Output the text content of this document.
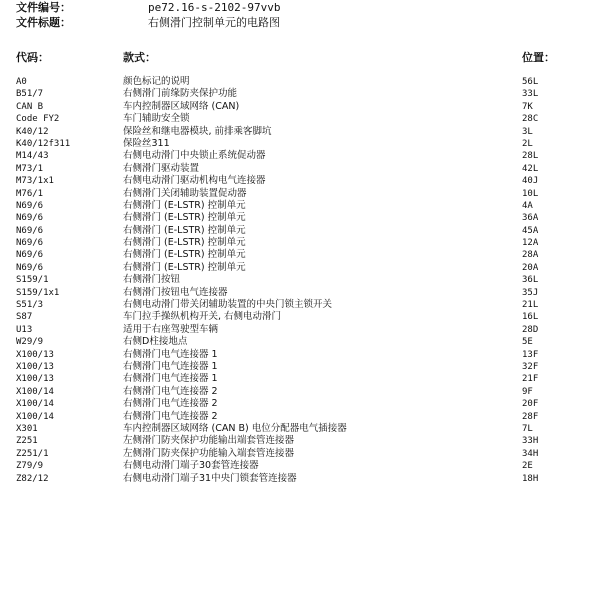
文件编号：	pe72.16-s-2102-97vvb
文件标题：	右侧滑门控制单元的电路图
代码：	款式：	位置：
A0	颜色标记的说明	56L
B51/7	右侧滑门前缘防夹保护功能	33L
CAN B	车内控制器区域网络 (CAN)	7K
Code FY2	车门辅助安全锁	28C
K40/12	保险丝和继电器模块, 前排乘客脚坑	3L
K40/12f311	保险丝311	2L
M14/43	右侧电动滑门中央锁止系统促动器	28L
M73/1	右侧滑门驱动装置	42L
M73/1x1	右侧电动滑门驱动机构电气连接器	40J
M76/1	右侧滑门关闭辅助装置促动器	10L
N69/6	右侧滑门 (E-LSTR) 控制单元	4A
N69/6	右侧滑门 (E-LSTR) 控制单元	36A
N69/6	右侧滑门 (E-LSTR) 控制单元	45A
N69/6	右侧滑门 (E-LSTR) 控制单元	12A
N69/6	右侧滑门 (E-LSTR) 控制单元	28A
N69/6	右侧滑门 (E-LSTR) 控制单元	20A
S159/1	右侧滑门按钮	36L
S159/1x1	右侧滑门按钮电气连接器	35J
S51/3	右侧电动滑门带关闭辅助装置的中央门锁主锁开关	21L
S87	车门拉手操纵机构开关, 右侧电动滑门	16L
U13	适用于右座驾驶型车辆	28D
W29/9	右侧D柱接地点	5E
X100/13	右侧滑门电气连接器 1	13F
X100/13	右侧滑门电气连接器 1	32F
X100/13	右侧滑门电气连接器 1	21F
X100/14	右侧滑门电气连接器 2	9F
X100/14	右侧滑门电气连接器 2	20F
X100/14	右侧滑门电气连接器 2	28F
X301	车内控制器区域网络 (CAN B) 电位分配器电气插接器	7L
Z251	左侧滑门防夹保护功能输出端套管连接器	33H
Z251/1	左侧滑门防夹保护功能输入端套管连接器	34H
Z79/9	右侧电动滑门端子30套管连接器	2E
Z82/12	右侧电动滑门端子31中央门锁套管连接器	18H
